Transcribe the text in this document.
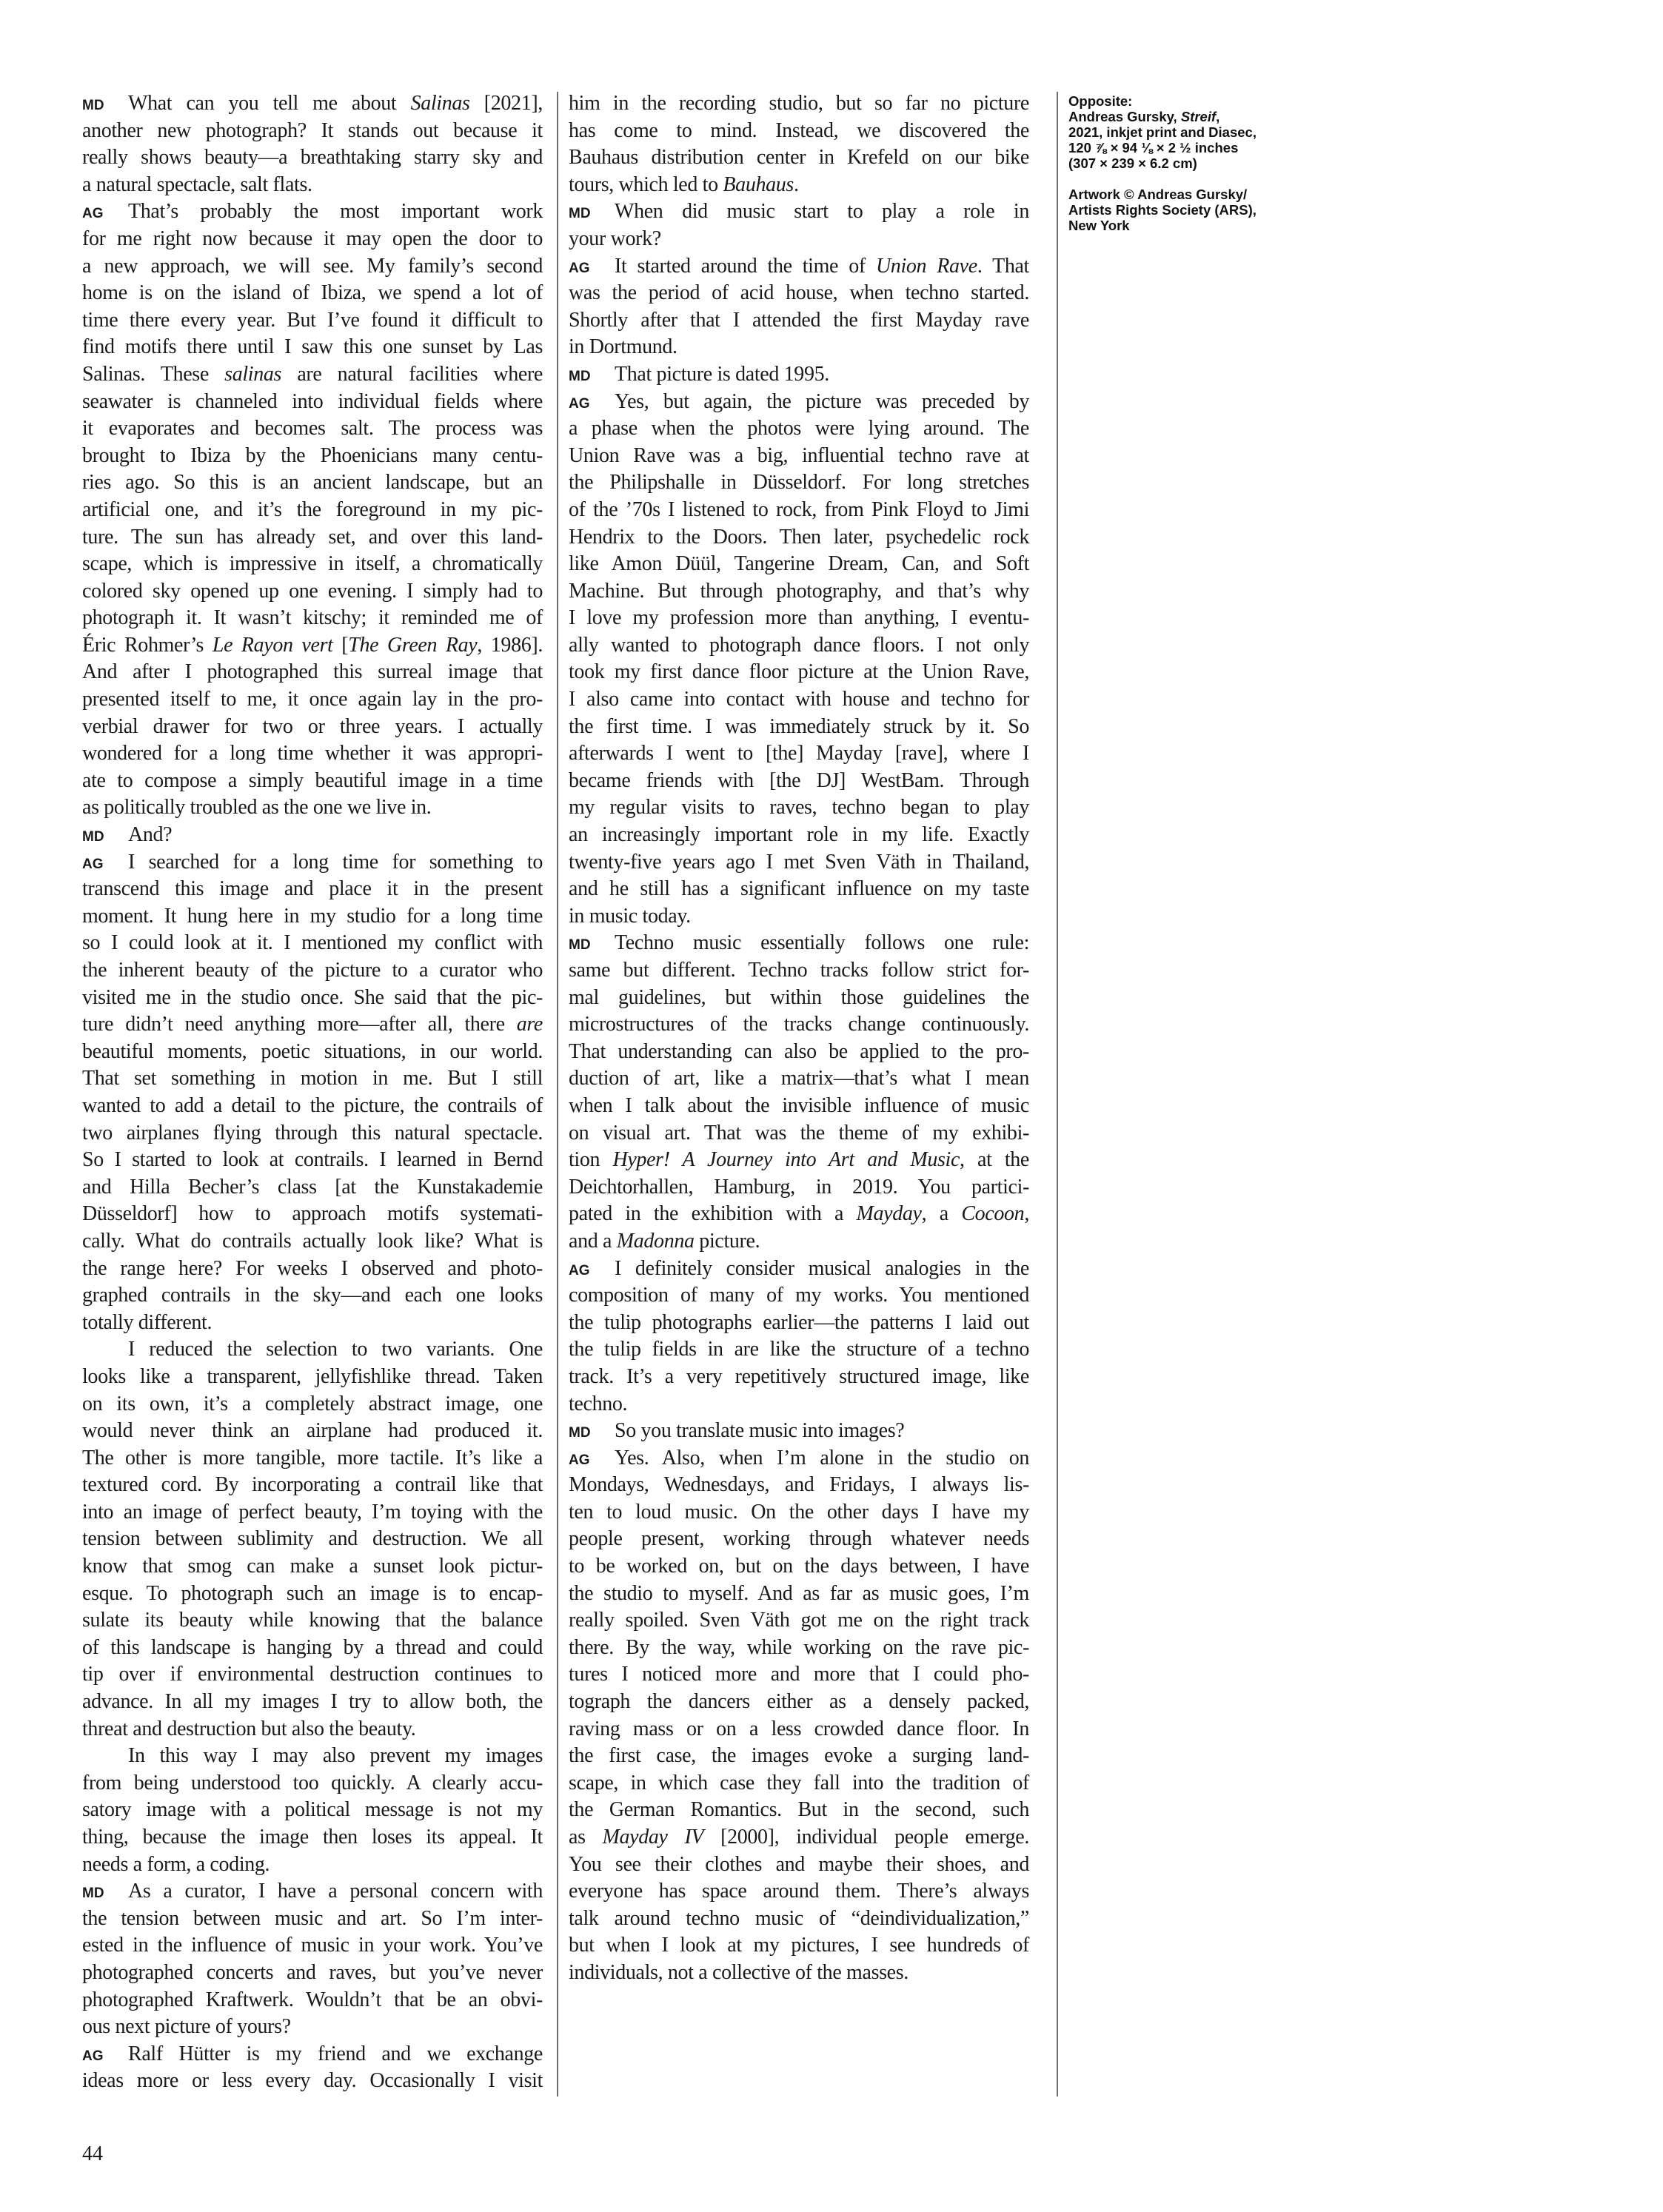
MD What can you tell me about Salinas [2021],
another new photograph? It stands out because it
really shows beauty—a breathtaking starry sky and
a natural spectacle, salt flats.
AG That’s probably the most important work
for me right now because it may open the door to
a new approach, we will see. My family’s second
home is on the island of Ibiza, we spend a lot of
time there every year. But I’ve found it difficult to
find motifs there until I saw this one sunset by Las
Salinas. These salinas are natural facilities where
seawater is channeled into individual fields where
it evaporates and becomes salt. The process was
brought to Ibiza by the Phoenicians many centu-
ries ago. So this is an ancient landscape, but an
artificial one, and it’s the foreground in my pic-
ture. The sun has already set, and over this land-
scape, which is impressive in itself, a chromatically
colored sky opened up one evening. I simply had to
photograph it. It wasn’t kitschy; it reminded me of
Éric Rohmer’s Le Rayon vert [The Green Ray, 1986].
And after I photographed this surreal image that
presented itself to me, it once again lay in the pro-
verbial drawer for two or three years. I actually
wondered for a long time whether it was appropri-
ate to compose a simply beautiful image in a time
as politically troubled as the one we live in.
MD And?
AG I searched for a long time for something to
transcend this image and place it in the present
moment. It hung here in my studio for a long time
so I could look at it. I mentioned my conflict with
the inherent beauty of the picture to a curator who
visited me in the studio once. She said that the pic-
ture didn’t need anything more—after all, there are
beautiful moments, poetic situations, in our world.
That set something in motion in me. But I still
wanted to add a detail to the picture, the contrails of
two airplanes flying through this natural spectacle.
So I started to look at contrails. I learned in Bernd
and Hilla Becher’s class [at the Kunstakademie
Düsseldorf] how to approach motifs systemati-
cally. What do contrails actually look like? What is
the range here? For weeks I observed and photo-
graphed contrails in the sky—and each one looks
totally different.
I reduced the selection to two variants. One
looks like a transparent, jellyfishlike thread. Taken
on its own, it’s a completely abstract image, one
would never think an airplane had produced it.
The other is more tangible, more tactile. It’s like a
textured cord. By incorporating a contrail like that
into an image of perfect beauty, I’m toying with the
tension between sublimity and destruction. We all
know that smog can make a sunset look pictur-
esque. To photograph such an image is to encap-
sulate its beauty while knowing that the balance
of this landscape is hanging by a thread and could
tip over if environmental destruction continues to
advance. In all my images I try to allow both, the
threat and destruction but also the beauty.
In this way I may also prevent my images
from being understood too quickly. A clearly accu-
satory image with a political message is not my
thing, because the image then loses its appeal. It
needs a form, a coding.
MD As a curator, I have a personal concern with
the tension between music and art. So I’m inter-
ested in the influence of music in your work. You’ve
photographed concerts and raves, but you’ve never
photographed Kraftwerk. Wouldn’t that be an obvi-
ous next picture of yours?
AG Ralf Hütter is my friend and we exchange
ideas more or less every day. Occasionally I visit
him in the recording studio, but so far no picture
has come to mind. Instead, we discovered the
Bauhaus distribution center in Krefeld on our bike
tours, which led to Bauhaus.
MD When did music start to play a role in
your work?
AG It started around the time of Union Rave. That
was the period of acid house, when techno started.
Shortly after that I attended the first Mayday rave
in Dortmund.
MD That picture is dated 1995.
AG Yes, but again, the picture was preceded by
a phase when the photos were lying around. The
Union Rave was a big, influential techno rave at
the Philipshalle in Düsseldorf. For long stretches
of the ’70s I listened to rock, from Pink Floyd to Jimi
Hendrix to the Doors. Then later, psychedelic rock
like Amon Düül, Tangerine Dream, Can, and Soft
Machine. But through photography, and that’s why
I love my profession more than anything, I eventu-
ally wanted to photograph dance floors. I not only
took my first dance floor picture at the Union Rave,
I also came into contact with house and techno for
the first time. I was immediately struck by it. So
afterwards I went to [the] Mayday [rave], where I
became friends with [the DJ] WestBam. Through
my regular visits to raves, techno began to play
an increasingly important role in my life. Exactly
twenty-five years ago I met Sven Väth in Thailand,
and he still has a significant influence on my taste
in music today.
MD Techno music essentially follows one rule:
same but different. Techno tracks follow strict for-
mal guidelines, but within those guidelines the
microstructures of the tracks change continuously.
That understanding can also be applied to the pro-
duction of art, like a matrix—that’s what I mean
when I talk about the invisible influence of music
on visual art. That was the theme of my exhibi-
tion Hyper! A Journey into Art and Music, at the
Deichtorhallen, Hamburg, in 2019. You partici-
pated in the exhibition with a Mayday, a Cocoon,
and a Madonna picture.
AG I definitely consider musical analogies in the
composition of many of my works. You mentioned
the tulip photographs earlier—the patterns I laid out
the tulip fields in are like the structure of a techno
track. It’s a very repetitively structured image, like
techno.
MD So you translate music into images?
AG Yes. Also, when I’m alone in the studio on
Mondays, Wednesdays, and Fridays, I always lis-
ten to loud music. On the other days I have my
people present, working through whatever needs
to be worked on, but on the days between, I have
the studio to myself. And as far as music goes, I’m
really spoiled. Sven Väth got me on the right track
there. By the way, while working on the rave pic-
tures I noticed more and more that I could pho-
tograph the dancers either as a densely packed,
raving mass or on a less crowded dance floor. In
the first case, the images evoke a surging land-
scape, in which case they fall into the tradition of
the German Romantics. But in the second, such
as Mayday IV [2000], individual people emerge.
You see their clothes and maybe their shoes, and
everyone has space around them. There’s always
talk around techno music of “deindividualization,”
but when I look at my pictures, I see hundreds of
individuals, not a collective of the masses.

Opposite:
Andreas Gursky, Streif,
2021, inkjet print and Diasec,
120 ⅞ × 94 ⅛ × 2 ½ inches
(307 × 239 × 6.2 cm)

Artwork © Andreas Gursky/
Artists Rights Society (ARS),
New York

44
